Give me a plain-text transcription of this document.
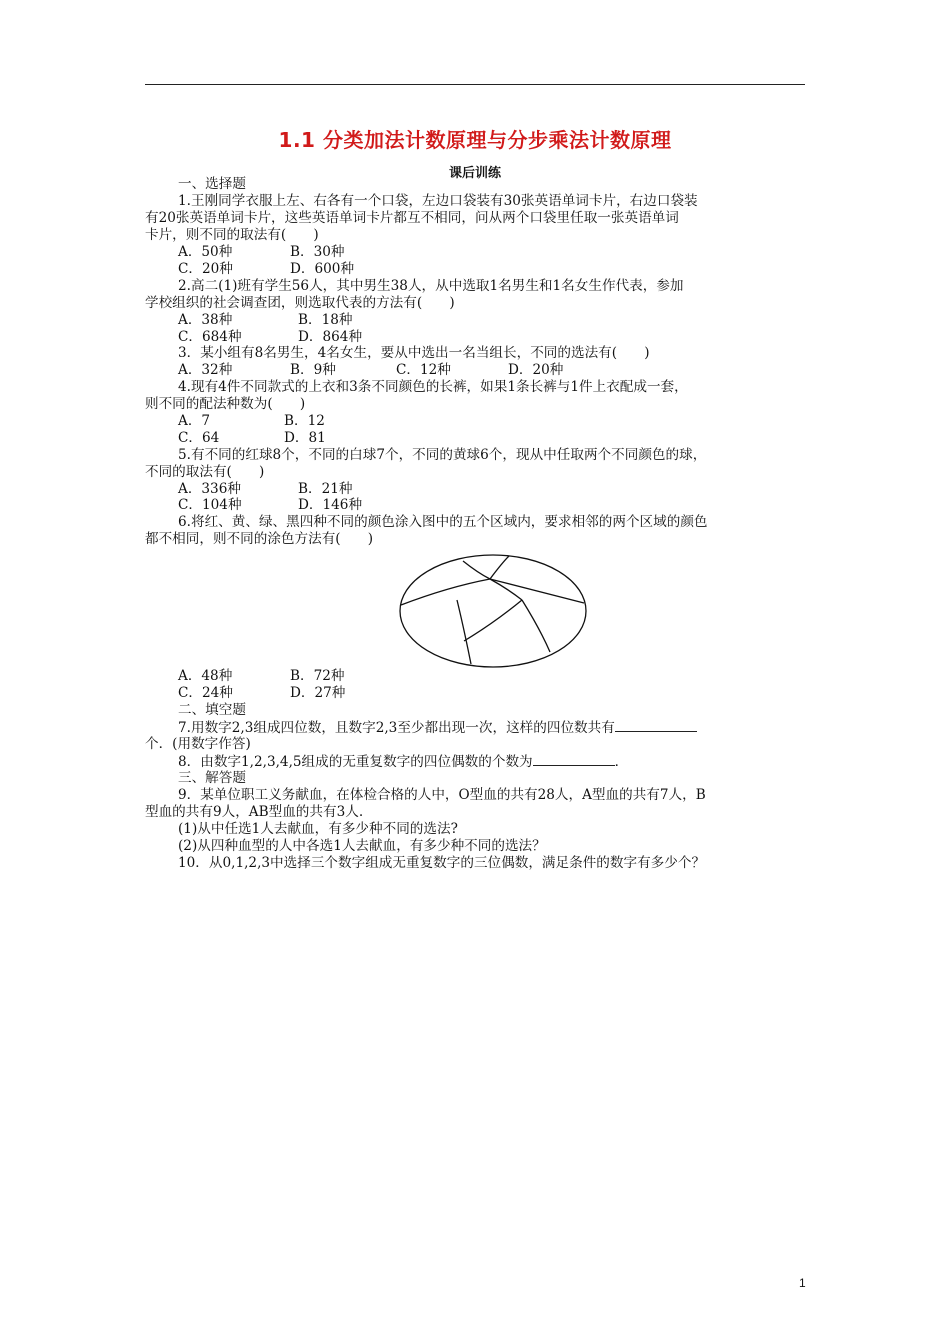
1.1 分类加法计数原理与分步乘法计数原理
课后训练
一、选择题
1.王刚同学衣服上左、右各有一个口袋，左边口袋装有30张英语单词卡片，右边口袋装
有20张英语单词卡片，这些英语单词卡片都互不相同，问从两个口袋里任取一张英语单词
卡片，则不同的取法有(　　)
A．50种	B．30种
C．20种	D．600种
2.高二(1)班有学生56人，其中男生38人，从中选取1名男生和1名女生作代表，参加
学校组织的社会调查团，则选取代表的方法有(　　)
A．38种	B．18种
C．684种	D．864种
3．某小组有8名男生，4名女生，要从中选出一名当组长，不同的选法有(　　)
A．32种	B．9种	C．12种	D．20种
4.现有4件不同款式的上衣和3条不同颜色的长裤，如果1条长裤与1件上衣配成一套，
则不同的配法种数为(　　)
A．7	B．12
C．64	D．81
5.有不同的红球8个，不同的白球7个，不同的黄球6个，现从中任取两个不同颜色的球，
不同的取法有(　　)
A．336种	B．21种
C．104种	D．146种
6.将红、黄、绿、黑四种不同的颜色涂入图中的五个区域内，要求相邻的两个区域的颜色
都不相同，则不同的涂色方法有(　　)
A．48种	B．72种
C．24种	D．27种
二、填空题
7.用数字2,3组成四位数，且数字2,3至少都出现一次，这样的四位数共有
个．(用数字作答)
8．由数字1,2,3,4,5组成的无重复数字的四位偶数的个数为	．
三、解答题
9．某单位职工义务献血，在体检合格的人中，O型血的共有28人，A型血的共有7人，B
型血的共有9人，AB型血的共有3人.
(1)从中任选1人去献血，有多少种不同的选法?
(2)从四种血型的人中各选1人去献血，有多少种不同的选法？
10．从0,1,2,3中选择三个数字组成无重复数字的三位偶数，满足条件的数字有多少个？
1
